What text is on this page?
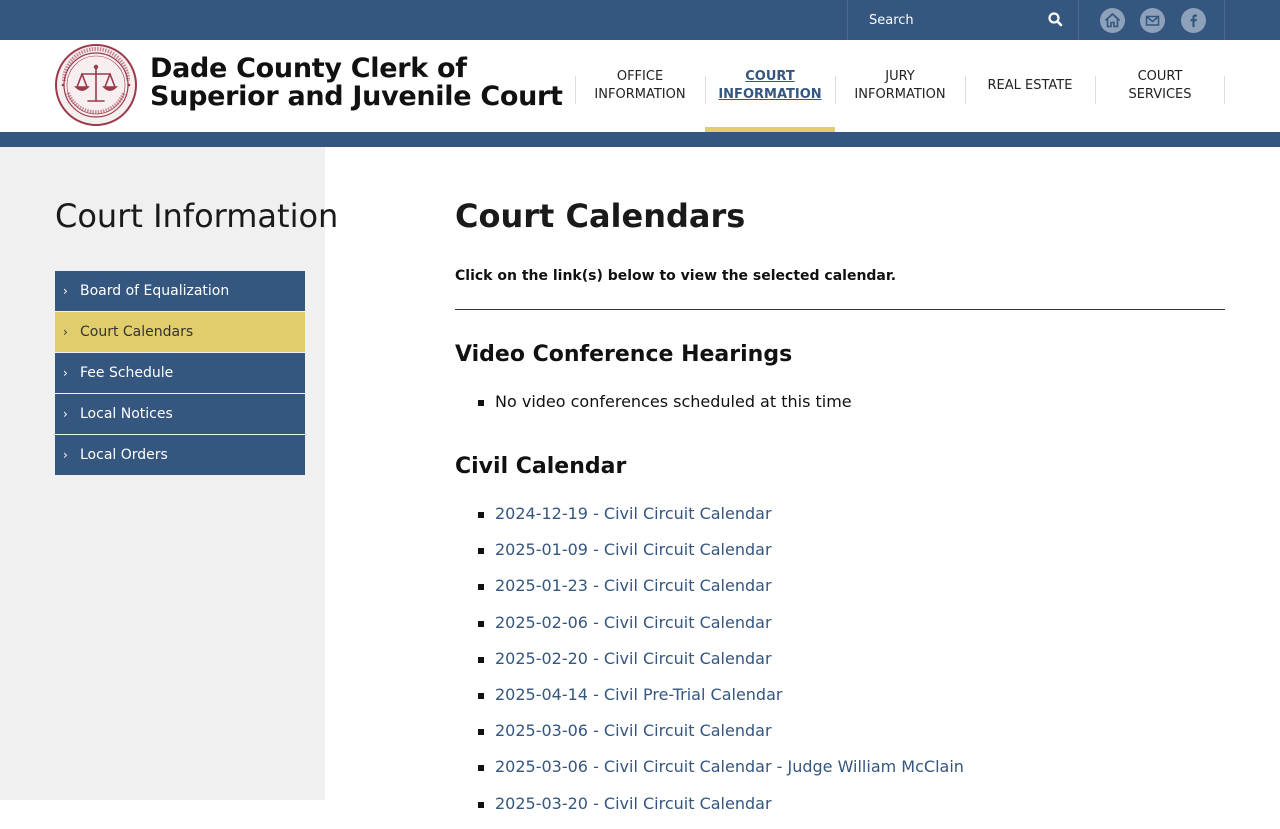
Search
Dade County Clerk of
Superior and Juvenile Court
OFFICE INFORMATION
COURT INFORMATION
JURY INFORMATION
REAL ESTATE
COURT SERVICES
Court Information
› Board of Equalization
› Court Calendars
› Fee Schedule
› Local Notices
› Local Orders
Court Calendars

Click on the link(s) below to view the selected calendar.

Video Conference Hearings
No video conferences scheduled at this time
Civil Calendar
2024-12-19 - Civil Circuit Calendar
2025-01-09 - Civil Circuit Calendar
2025-01-23 - Civil Circuit Calendar
2025-02-06 - Civil Circuit Calendar
2025-02-20 - Civil Circuit Calendar
2025-04-14 - Civil Pre-Trial Calendar
2025-03-06 - Civil Circuit Calendar
2025-03-06 - Civil Circuit Calendar - Judge William McClain
2025-03-20 - Civil Circuit Calendar
